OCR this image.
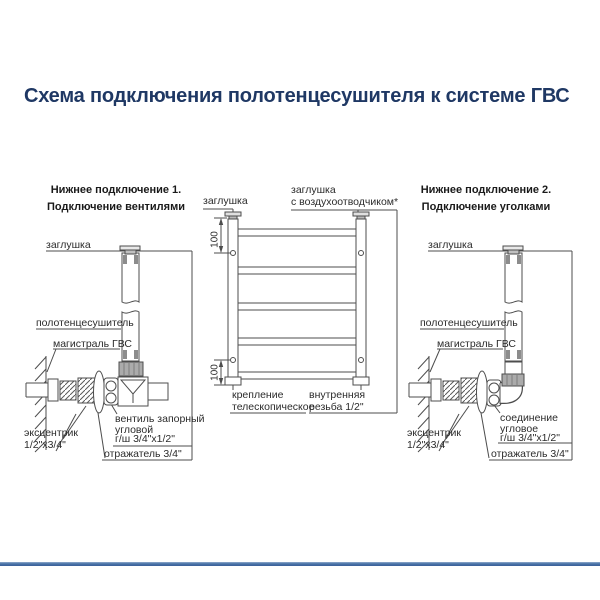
Схема подключения полотенцесушителя к системе ГВС
Нижнее подключение 1.
Подключение вентилями
заглушка
полотенцесушитель
магистраль ГВС
эксцентрик
1/2"х3/4"
вентиль запорный
угловой
г/ш 3/4"х1/2"
отражатель 3/4"
заглушка
заглушка
с воздухоотводчиком*
100
100
крепление
телескопическое
внутренняя
резьба 1/2"
Нижнее подключение 2.
Подключение уголками
заглушка
полотенцесушитель
магистраль ГВС
эксцентрик
1/2"х3/4"
соединение
угловое
г/ш 3/4"х1/2"
отражатель 3/4"
